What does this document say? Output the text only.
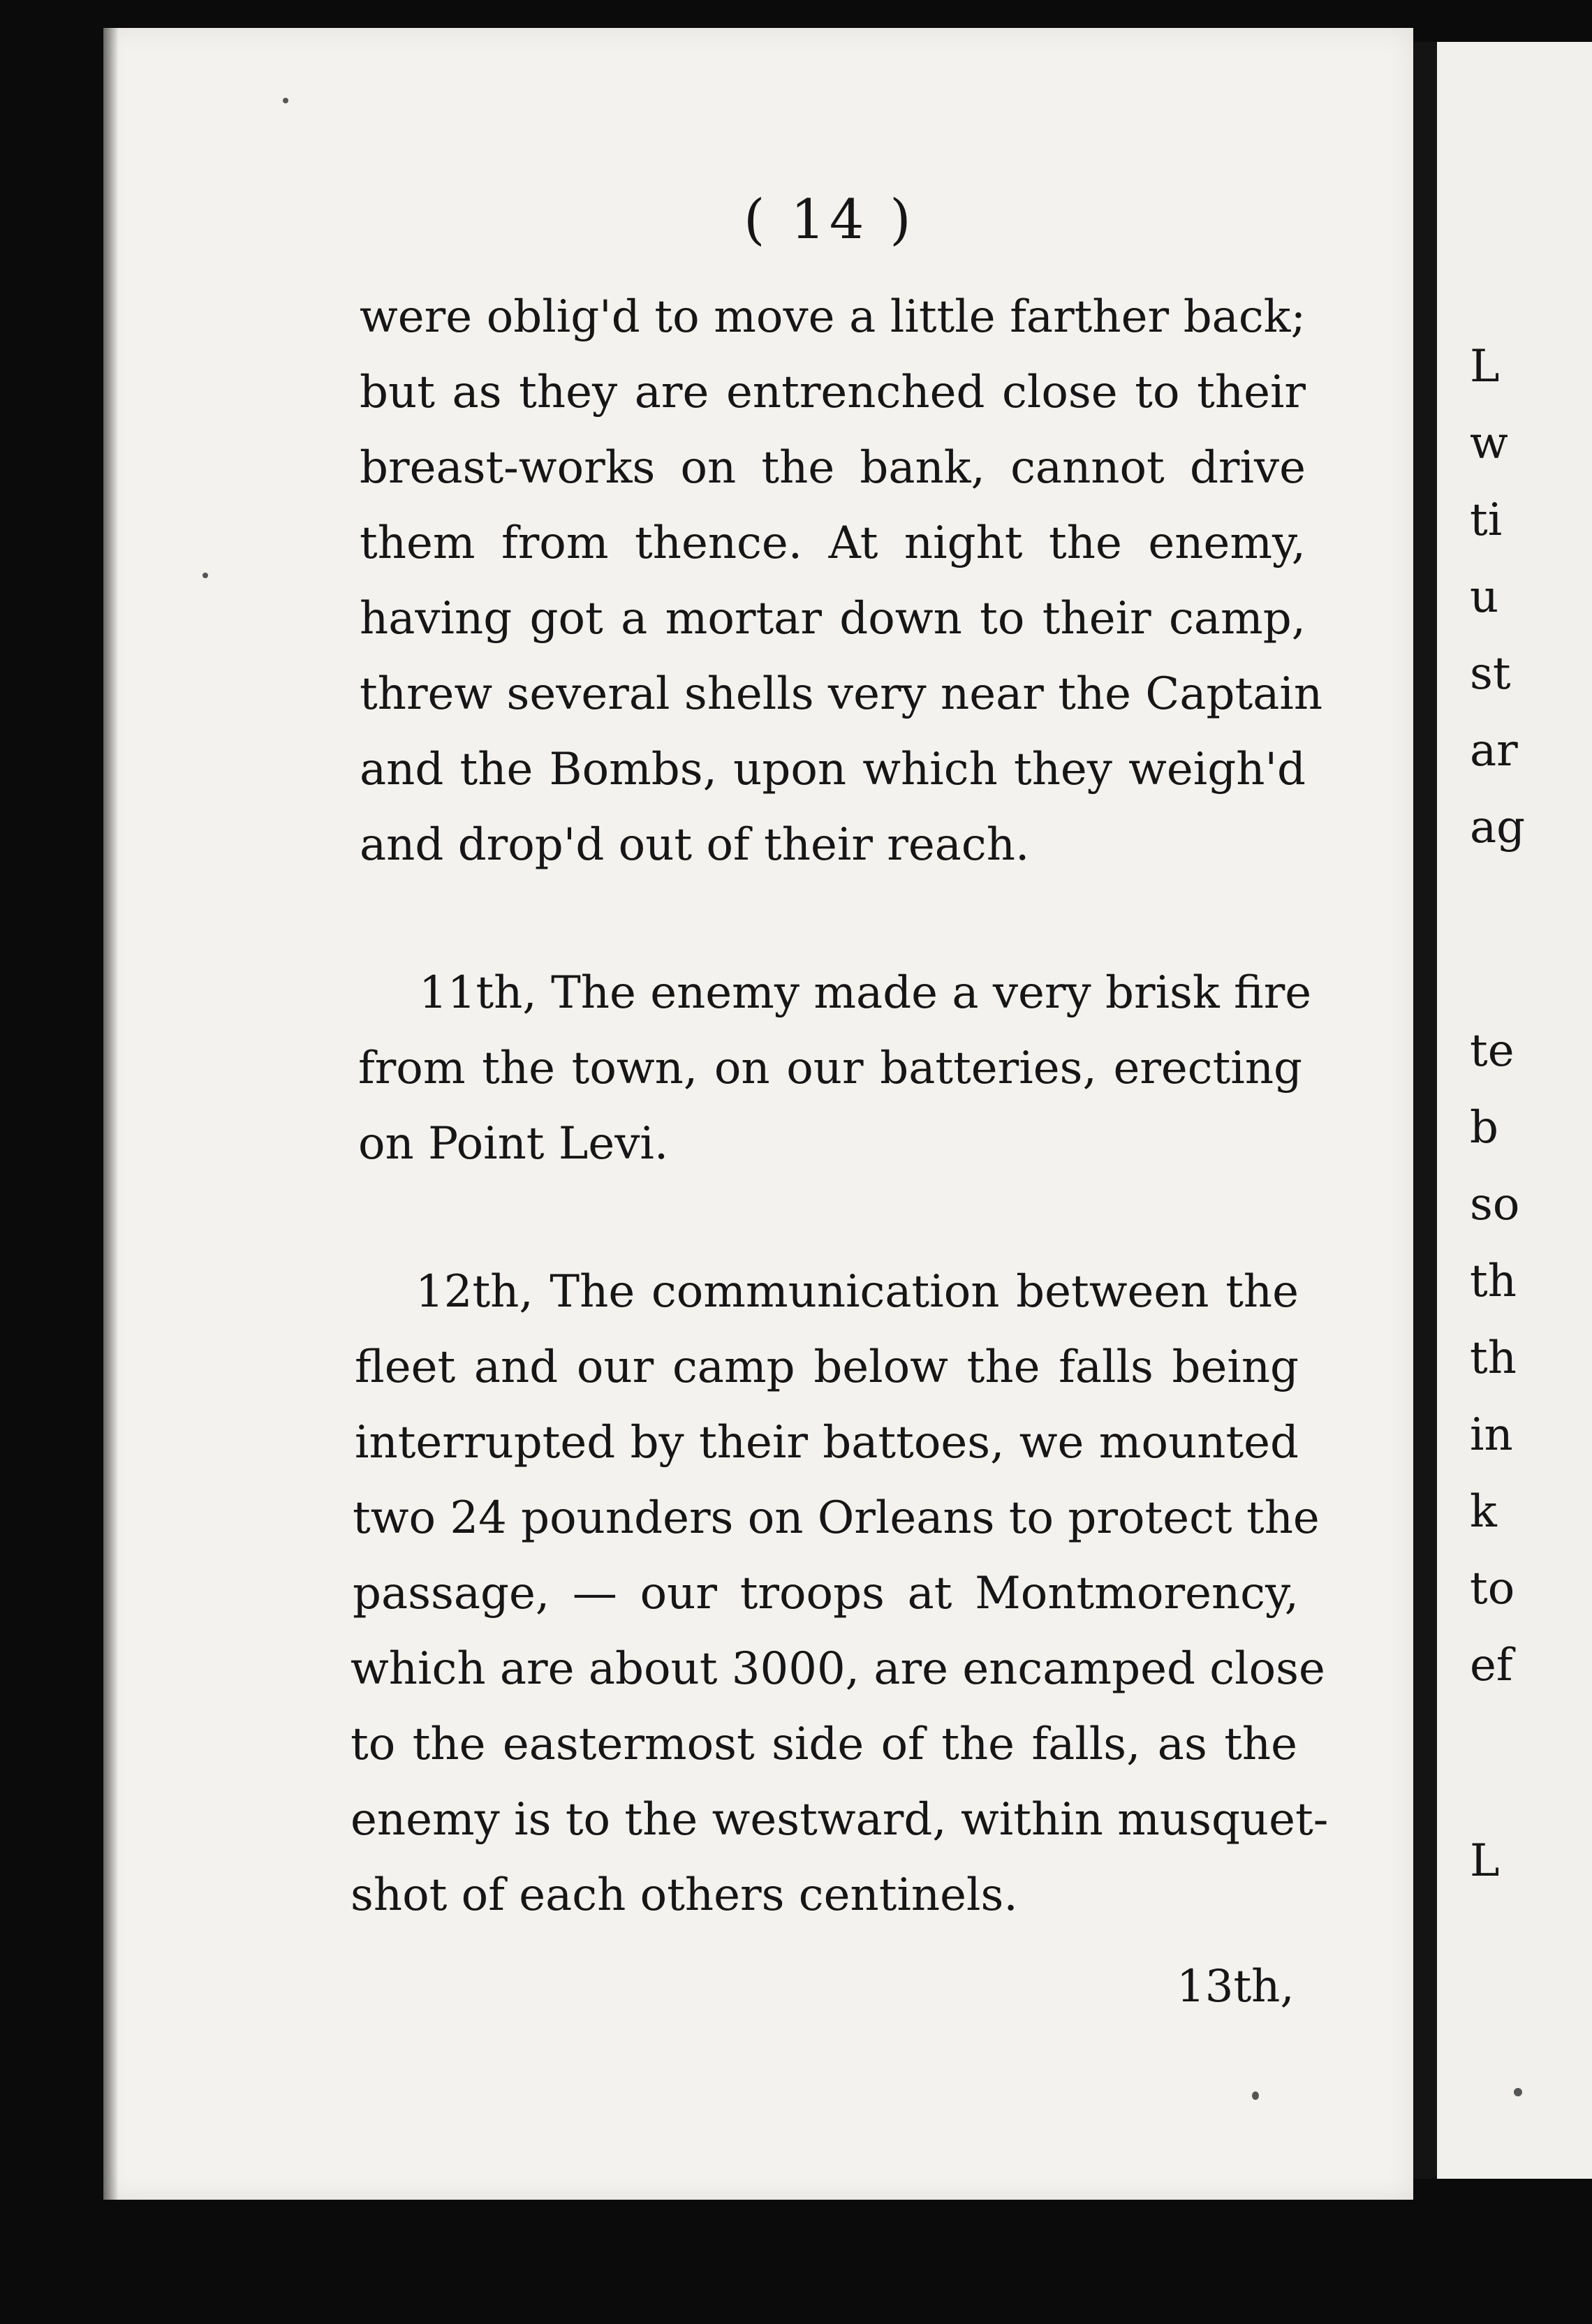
( 14 )
were oblig'd to move a little farther back;
but as they are entrenched close to their
breast-works on the bank, cannot drive
them from thence. At night the enemy,
having got a mortar down to their camp,
threw several shells very near the Captain
and the Bombs, upon which they weigh'd
and drop'd out of their reach.
11th, The enemy made a very brisk fire
from the town, on our batteries, erecting
on Point Levi.
12th, The communication between the
fleet and our camp below the falls being
interrupted by their battoes, we mounted
two 24 pounders on Orleans to protect the
passage, — our troops at Montmorency,
which are about 3000, are encamped close
to the eastermost side of the falls, as the
enemy is to the westward, within musquet-
shot of each others centinels.
13th,
L
w
ti
u
st
ar
ag
te
b
so
th
th
in
k
to
ef
L
